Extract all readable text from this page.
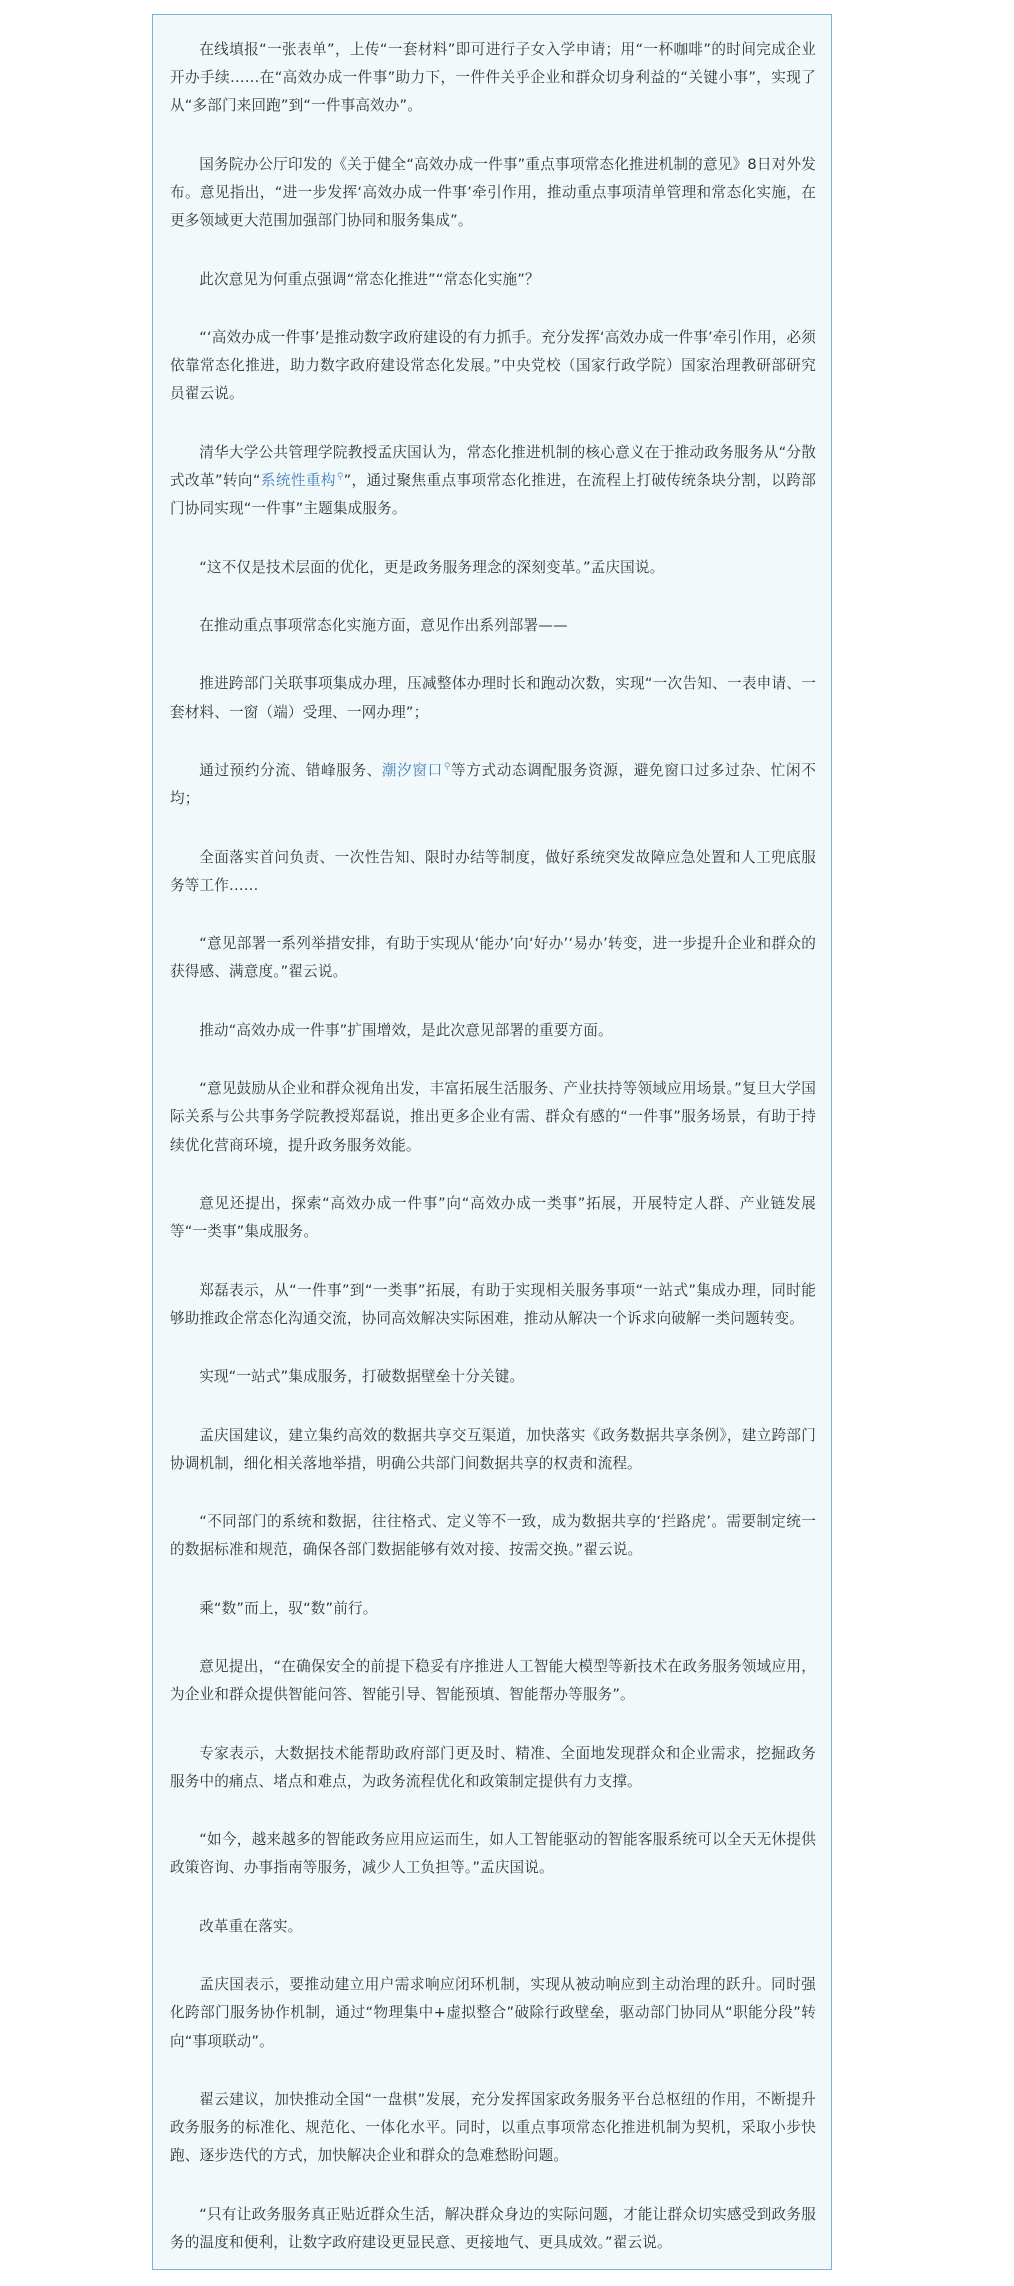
在线填报“一张表单”，上传“一套材料”即可进行子女入学申请；用“一杯咖啡”的时间完成企业开办手续……在“高效办成一件事”助力下，一件件关乎企业和群众切身利益的“关键小事”，实现了从“多部门来回跑”到“一件事高效办”。

国务院办公厅印发的《关于健全“高效办成一件事”重点事项常态化推进机制的意见》8日对外发布。意见指出，“进一步发挥‘高效办成一件事’牵引作用，推动重点事项清单管理和常态化实施，在更多领域更大范围加强部门协同和服务集成”。

此次意见为何重点强调“常态化推进”“常态化实施”？

“‘高效办成一件事’是推动数字政府建设的有力抓手。充分发挥‘高效办成一件事’牵引作用，必须依靠常态化推进，助力数字政府建设常态化发展。”中央党校（国家行政学院）国家治理教研部研究员翟云说。

清华大学公共管理学院教授孟庆国认为，常态化推进机制的核心意义在于推动政务服务从“分散式改革”转向“系统性重构⚲”，通过聚焦重点事项常态化推进，在流程上打破传统条块分割，以跨部门协同实现“一件事”主题集成服务。

“这不仅是技术层面的优化，更是政务服务理念的深刻变革。”孟庆国说。

在推动重点事项常态化实施方面，意见作出系列部署——

推进跨部门关联事项集成办理，压减整体办理时长和跑动次数，实现“一次告知、一表申请、一套材料、一窗（端）受理、一网办理”；

通过预约分流、错峰服务、潮汐窗口⚲等方式动态调配服务资源，避免窗口过多过杂、忙闲不均；

全面落实首问负责、一次性告知、限时办结等制度，做好系统突发故障应急处置和人工兜底服务等工作……

“意见部署一系列举措安排，有助于实现从‘能办’向‘好办’‘易办’转变，进一步提升企业和群众的获得感、满意度。”翟云说。

推动“高效办成一件事”扩围增效，是此次意见部署的重要方面。

“意见鼓励从企业和群众视角出发，丰富拓展生活服务、产业扶持等领域应用场景。”复旦大学国际关系与公共事务学院教授郑磊说，推出更多企业有需、群众有感的“一件事”服务场景，有助于持续优化营商环境，提升政务服务效能。

意见还提出，探索“高效办成一件事”向“高效办成一类事”拓展，开展特定人群、产业链发展等“一类事”集成服务。

郑磊表示，从“一件事”到“一类事”拓展，有助于实现相关服务事项“一站式”集成办理，同时能够助推政企常态化沟通交流，协同高效解决实际困难，推动从解决一个诉求向破解一类问题转变。

实现“一站式”集成服务，打破数据壁垒十分关键。

孟庆国建议，建立集约高效的数据共享交互渠道，加快落实《政务数据共享条例》，建立跨部门协调机制，细化相关落地举措，明确公共部门间数据共享的权责和流程。

“不同部门的系统和数据，往往格式、定义等不一致，成为数据共享的‘拦路虎’。需要制定统一的数据标准和规范，确保各部门数据能够有效对接、按需交换。”翟云说。

乘“数”而上，驭“数”前行。

意见提出，“在确保安全的前提下稳妥有序推进人工智能大模型等新技术在政务服务领域应用，为企业和群众提供智能问答、智能引导、智能预填、智能帮办等服务”。

专家表示，大数据技术能帮助政府部门更及时、精准、全面地发现群众和企业需求，挖掘政务服务中的痛点、堵点和难点，为政务流程优化和政策制定提供有力支撑。

“如今，越来越多的智能政务应用应运而生，如人工智能驱动的智能客服系统可以全天无休提供政策咨询、办事指南等服务，减少人工负担等。”孟庆国说。

改革重在落实。

孟庆国表示，要推动建立用户需求响应闭环机制，实现从被动响应到主动治理的跃升。同时强化跨部门服务协作机制，通过“物理集中+虚拟整合”破除行政壁垒，驱动部门协同从“职能分段”转向“事项联动”。

翟云建议，加快推动全国“一盘棋”发展，充分发挥国家政务服务平台总枢纽的作用，不断提升政务服务的标准化、规范化、一体化水平。同时，以重点事项常态化推进机制为契机，采取小步快跑、逐步迭代的方式，加快解决企业和群众的急难愁盼问题。

“只有让政务服务真正贴近群众生活，解决群众身边的实际问题，才能让群众切实感受到政务服务的温度和便利，让数字政府建设更显民意、更接地气、更具成效。”翟云说。
